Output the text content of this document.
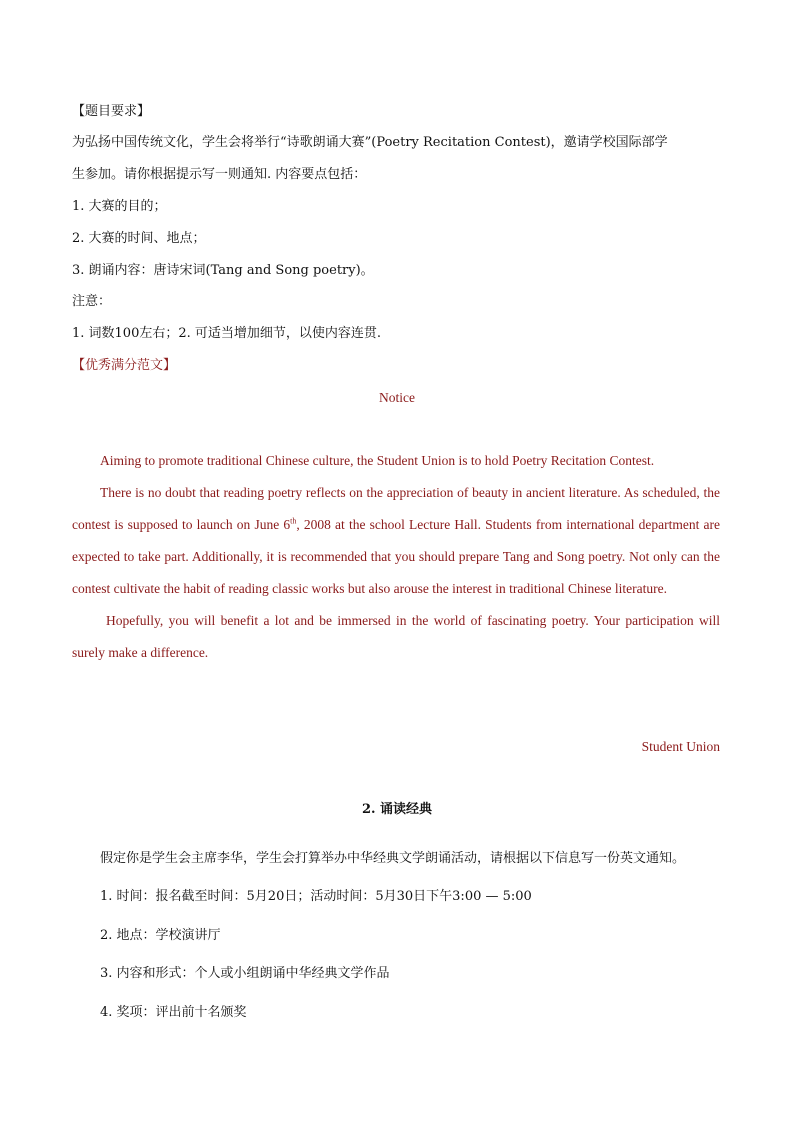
【题目要求】
为弘扬中国传统文化，学生会将举行“诗歌朗诵大赛”(Poetry Recitation Contest)，邀请学校国际部学
生参加。请你根据提示写一则通知. 内容要点包括：
1. 大赛的目的；
2. 大赛的时间、地点；
3. 朗诵内容：唐诗宋词(Tang and Song poetry)。
注意：
1. 词数100左右；2. 可适当增加细节，以使内容连贯.
【优秀满分范文】
Notice

Aiming to promote traditional Chinese culture, the Student Union is to hold Poetry Recitation Contest.

There is no doubt that reading poetry reflects on the appreciation of beauty in ancient literature. As scheduled, the contest is supposed to launch on June 6th, 2008 at the school Lecture Hall. Students from international department are expected to take part. Additionally, it is recommended that you should prepare Tang and Song poetry. Not only can the contest cultivate the habit of reading classic works but also arouse the interest in traditional Chinese literature.

Hopefully, you will benefit a lot and be immersed in the world of fascinating poetry. Your participation will surely make a difference.

Student Union
2. 诵读经典
假定你是学生会主席李华，学生会打算举办中华经典文学朗诵活动，请根据以下信息写一份英文通知。
1. 时间：报名截至时间：5月20日；活动时间：5月30日下午3:00 — 5:00
2. 地点：学校演讲厅
3. 内容和形式：个人或小组朗诵中华经典文学作品
4. 奖项：评出前十名颁奖
